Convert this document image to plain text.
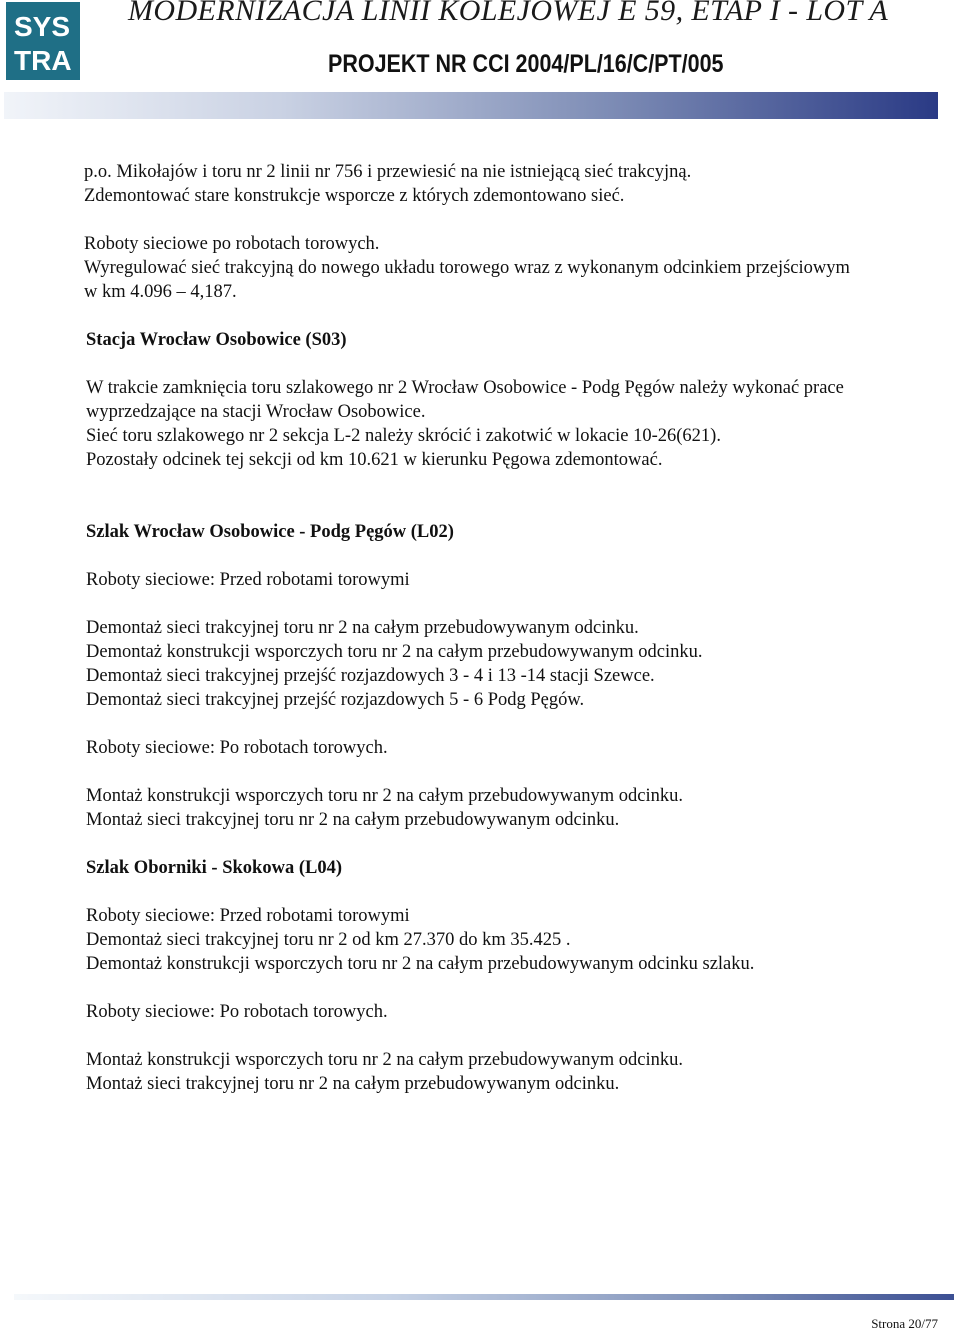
SYS
TRA
MODERNIZACJA LINII KOLEJOWEJ E 59, ETAP I - LOT A
PROJEKT NR CCI 2004/PL/16/C/PT/005

p.o. Mikołajów i toru nr 2 linii nr 756 i przewiesić na nie istniejącą sieć trakcyjną.

Zdemontować stare konstrukcje wsporcze z których zdemontowano sieć.

Roboty sieciowe po robotach torowych.

Wyregulować sieć trakcyjną do nowego układu torowego wraz z wykonanym odcinkiem przejściowym

w km 4.096 – 4,187.

Stacja Wrocław Osobowice (S03)

W trakcie zamknięcia toru szlakowego nr 2 Wrocław Osobowice - Podg Pęgów należy wykonać prace

wyprzedzające na stacji Wrocław Osobowice.

Sieć toru szlakowego nr 2 sekcja L-2 należy skrócić i zakotwić w lokacie 10-26(621).

Pozostały odcinek tej sekcji od km 10.621 w kierunku Pęgowa zdemontować.

Szlak Wrocław Osobowice - Podg Pęgów (L02)

Roboty sieciowe: Przed robotami torowymi

Demontaż sieci trakcyjnej toru nr 2 na całym przebudowywanym odcinku.

Demontaż konstrukcji wsporczych toru nr 2 na całym przebudowywanym odcinku.

Demontaż sieci trakcyjnej przejść rozjazdowych 3 - 4 i 13 -14 stacji Szewce.

Demontaż sieci trakcyjnej przejść rozjazdowych 5 - 6 Podg Pęgów.

Roboty sieciowe: Po robotach torowych.

Montaż konstrukcji wsporczych toru nr 2 na całym przebudowywanym odcinku.

Montaż sieci trakcyjnej toru nr 2 na całym przebudowywanym odcinku.

Szlak Oborniki - Skokowa (L04)

Roboty sieciowe: Przed robotami torowymi

Demontaż sieci trakcyjnej toru nr 2 od km 27.370 do km 35.425 .

Demontaż konstrukcji wsporczych toru nr 2 na całym przebudowywanym odcinku szlaku.

Roboty sieciowe: Po robotach torowych.

Montaż konstrukcji wsporczych toru nr 2 na całym przebudowywanym odcinku.

Montaż sieci trakcyjnej toru nr 2 na całym przebudowywanym odcinku.

Strona 20/77
